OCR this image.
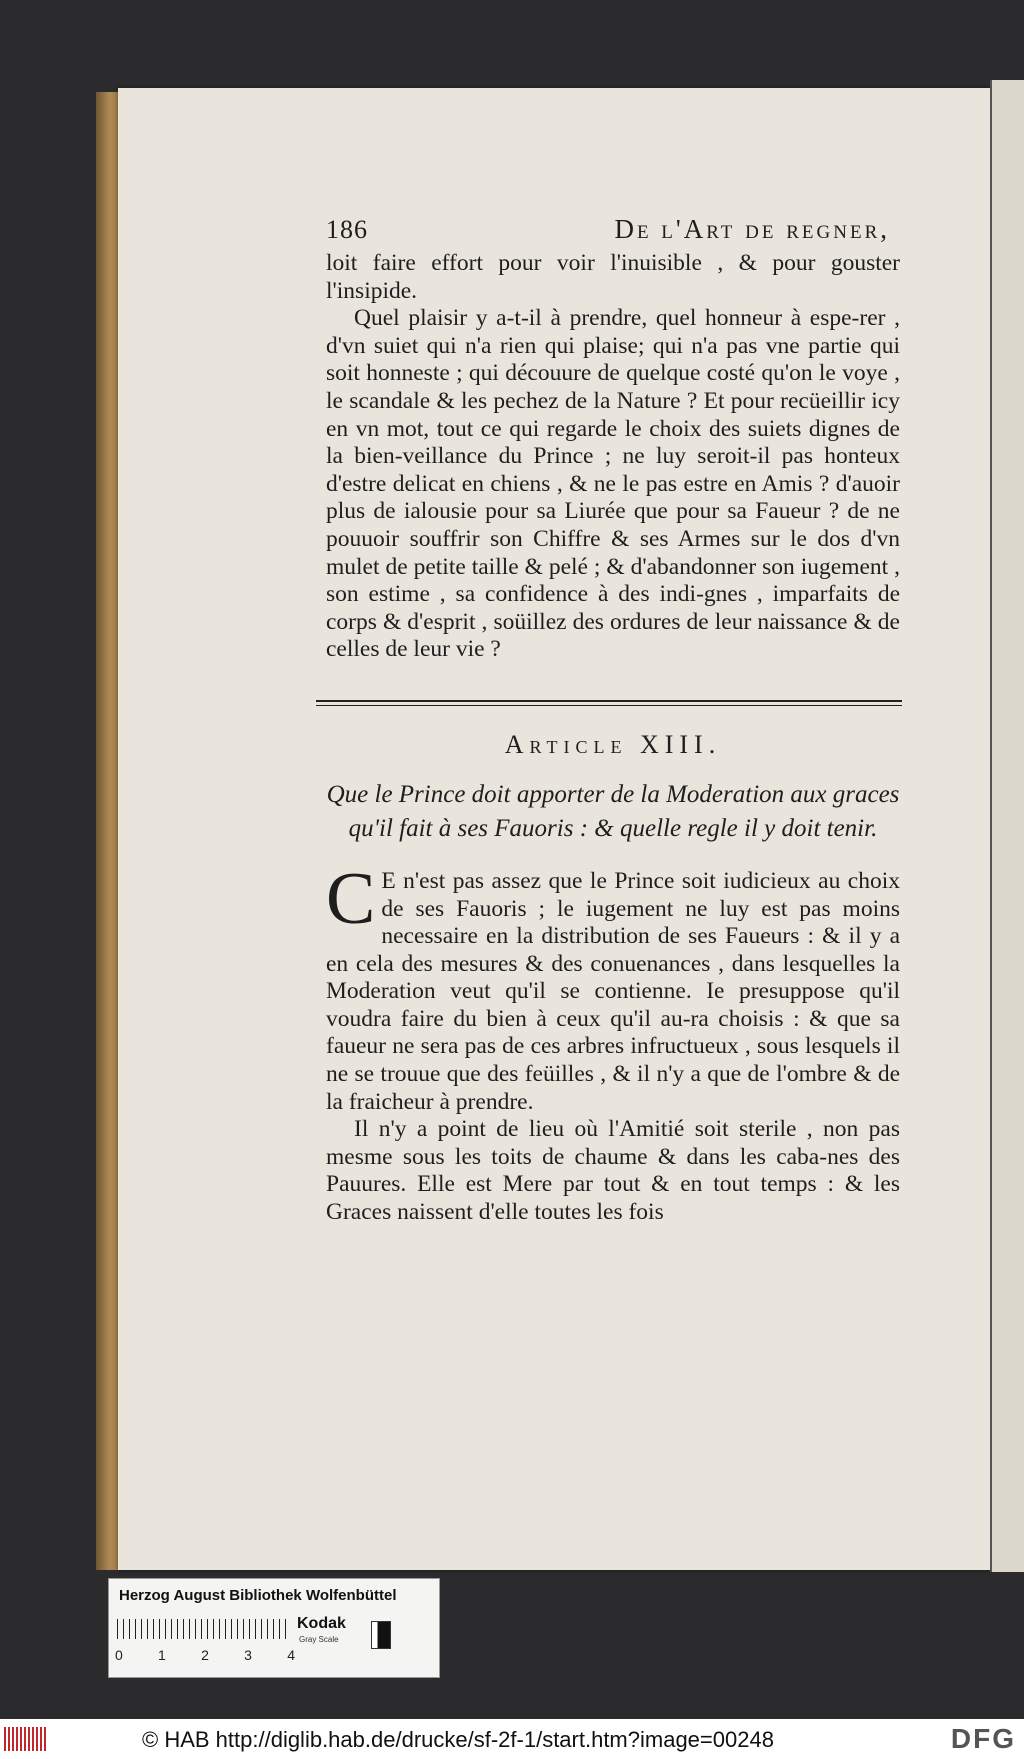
186	De l'Art de regner,

loit faire effort pour voir l'inuisible , & pour gouster l'insipide.

Quel plaisir y a-t-il à prendre, quel honneur à espe-rer , d'vn suiet qui n'a rien qui plaise; qui n'a pas vne partie qui soit honneste ; qui découure de quelque costé qu'on le voye , le scandale & les pechez de la Nature ? Et pour recüeillir icy en vn mot, tout ce qui regarde le choix des suiets dignes de la bien-veillance du Prince ; ne luy seroit-il pas honteux d'estre delicat en chiens , & ne le pas estre en Amis ? d'auoir plus de ialousie pour sa Liurée que pour sa Faueur ? de ne pouuoir souffrir son Chiffre & ses Armes sur le dos d'vn mulet de petite taille & pelé ; & d'abandonner son iugement , son estime , sa confidence à des indi-gnes , imparfaits de corps & d'esprit , soüillez des ordures de leur naissance & de celles de leur vie ?

Article XIII.
Que le Prince doit apporter de la Moderation aux graces qu'il fait à ses Fauoris : & quelle regle il y doit tenir.

C E n'est pas assez que le Prince soit iudicieux au choix de ses Fauoris ; le iugement ne luy est pas moins necessaire en la distribution de ses Faueurs : & il y a en cela des mesures & des conuenances , dans lesquelles la Moderation veut qu'il se contienne. Ie presuppose qu'il voudra faire du bien à ceux qu'il au-ra choisis : & que sa faueur ne sera pas de ces arbres infructueux , sous lesquels il ne se trouue que des feüilles , & il n'y a que de l'ombre & de la fraicheur à prendre.

Il n'y a point de lieu où l'Amitié soit sterile , non pas mesme sous les toits de chaume & dans les caba-nes des Pauures. Elle est Mere par tout & en tout temps : & les Graces naissent d'elle toutes les fois

Herzog August Bibliothek Wolfenbüttel
Kodak
Gray Scale
0	1	2	3	4
© HAB http://diglib.hab.de/drucke/sf-2f-1/start.htm?image=00248	DFG
